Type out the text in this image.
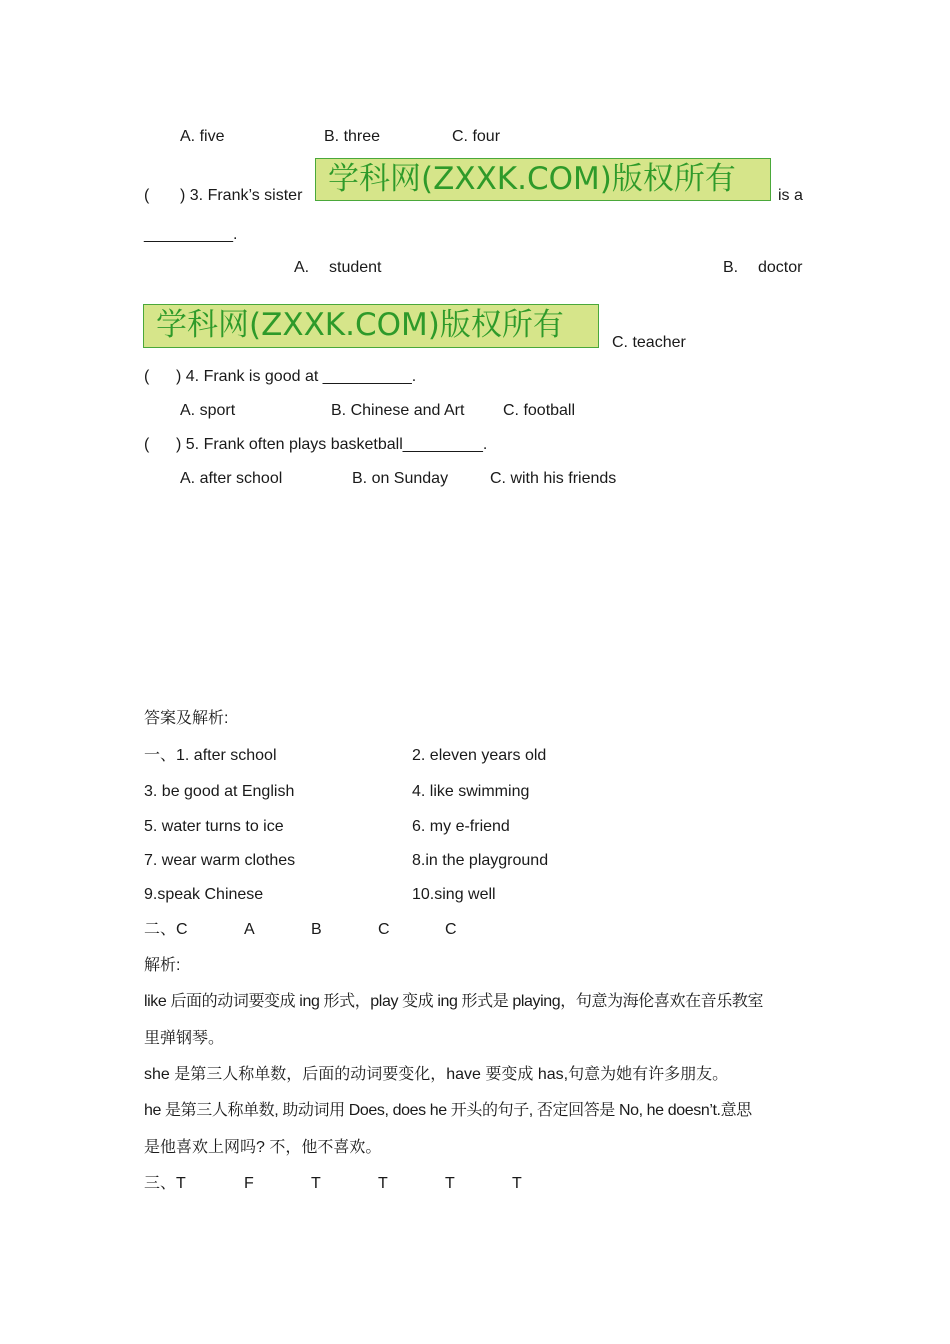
A. five	B. three	C. four
( ) 3. Frank’s sister 学科网(ZXXK.COM)版权所有	is a
__________.
A. student	B. doctor
学科网(ZXXK.COM)版权所有	C. teacher
(      ) 4. Frank is good at __________.
A. sport	B. Chinese and Art C. football
(      ) 5. Frank often plays basketball_________.
A. after school	B. on Sunday	C. with his friends
答案及解析:
一、1. after school	2. eleven years old
3. be good at English	4. like swimming
5. water turns to ice	6. my e-friend
7. wear warm clothes	8.in the playground
9.speak Chinese	10.sing well
二、C	A	B	C	C
解析:
like 后面的动词要变成 ing 形式，play 变成 ing 形式是 playing，句意为海伦喜欢在音乐教室
里弹钢琴。
she 是第三人称单数，后面的动词要变化，have 要变成 has,句意为她有许多朋友。
he 是第三人称单数, 助动词用 Does, does he 开头的句子, 否定回答是 No, he doesn’t.意思
是他喜欢上网吗? 不，他不喜欢。
三、T	F	T	T	T	T
